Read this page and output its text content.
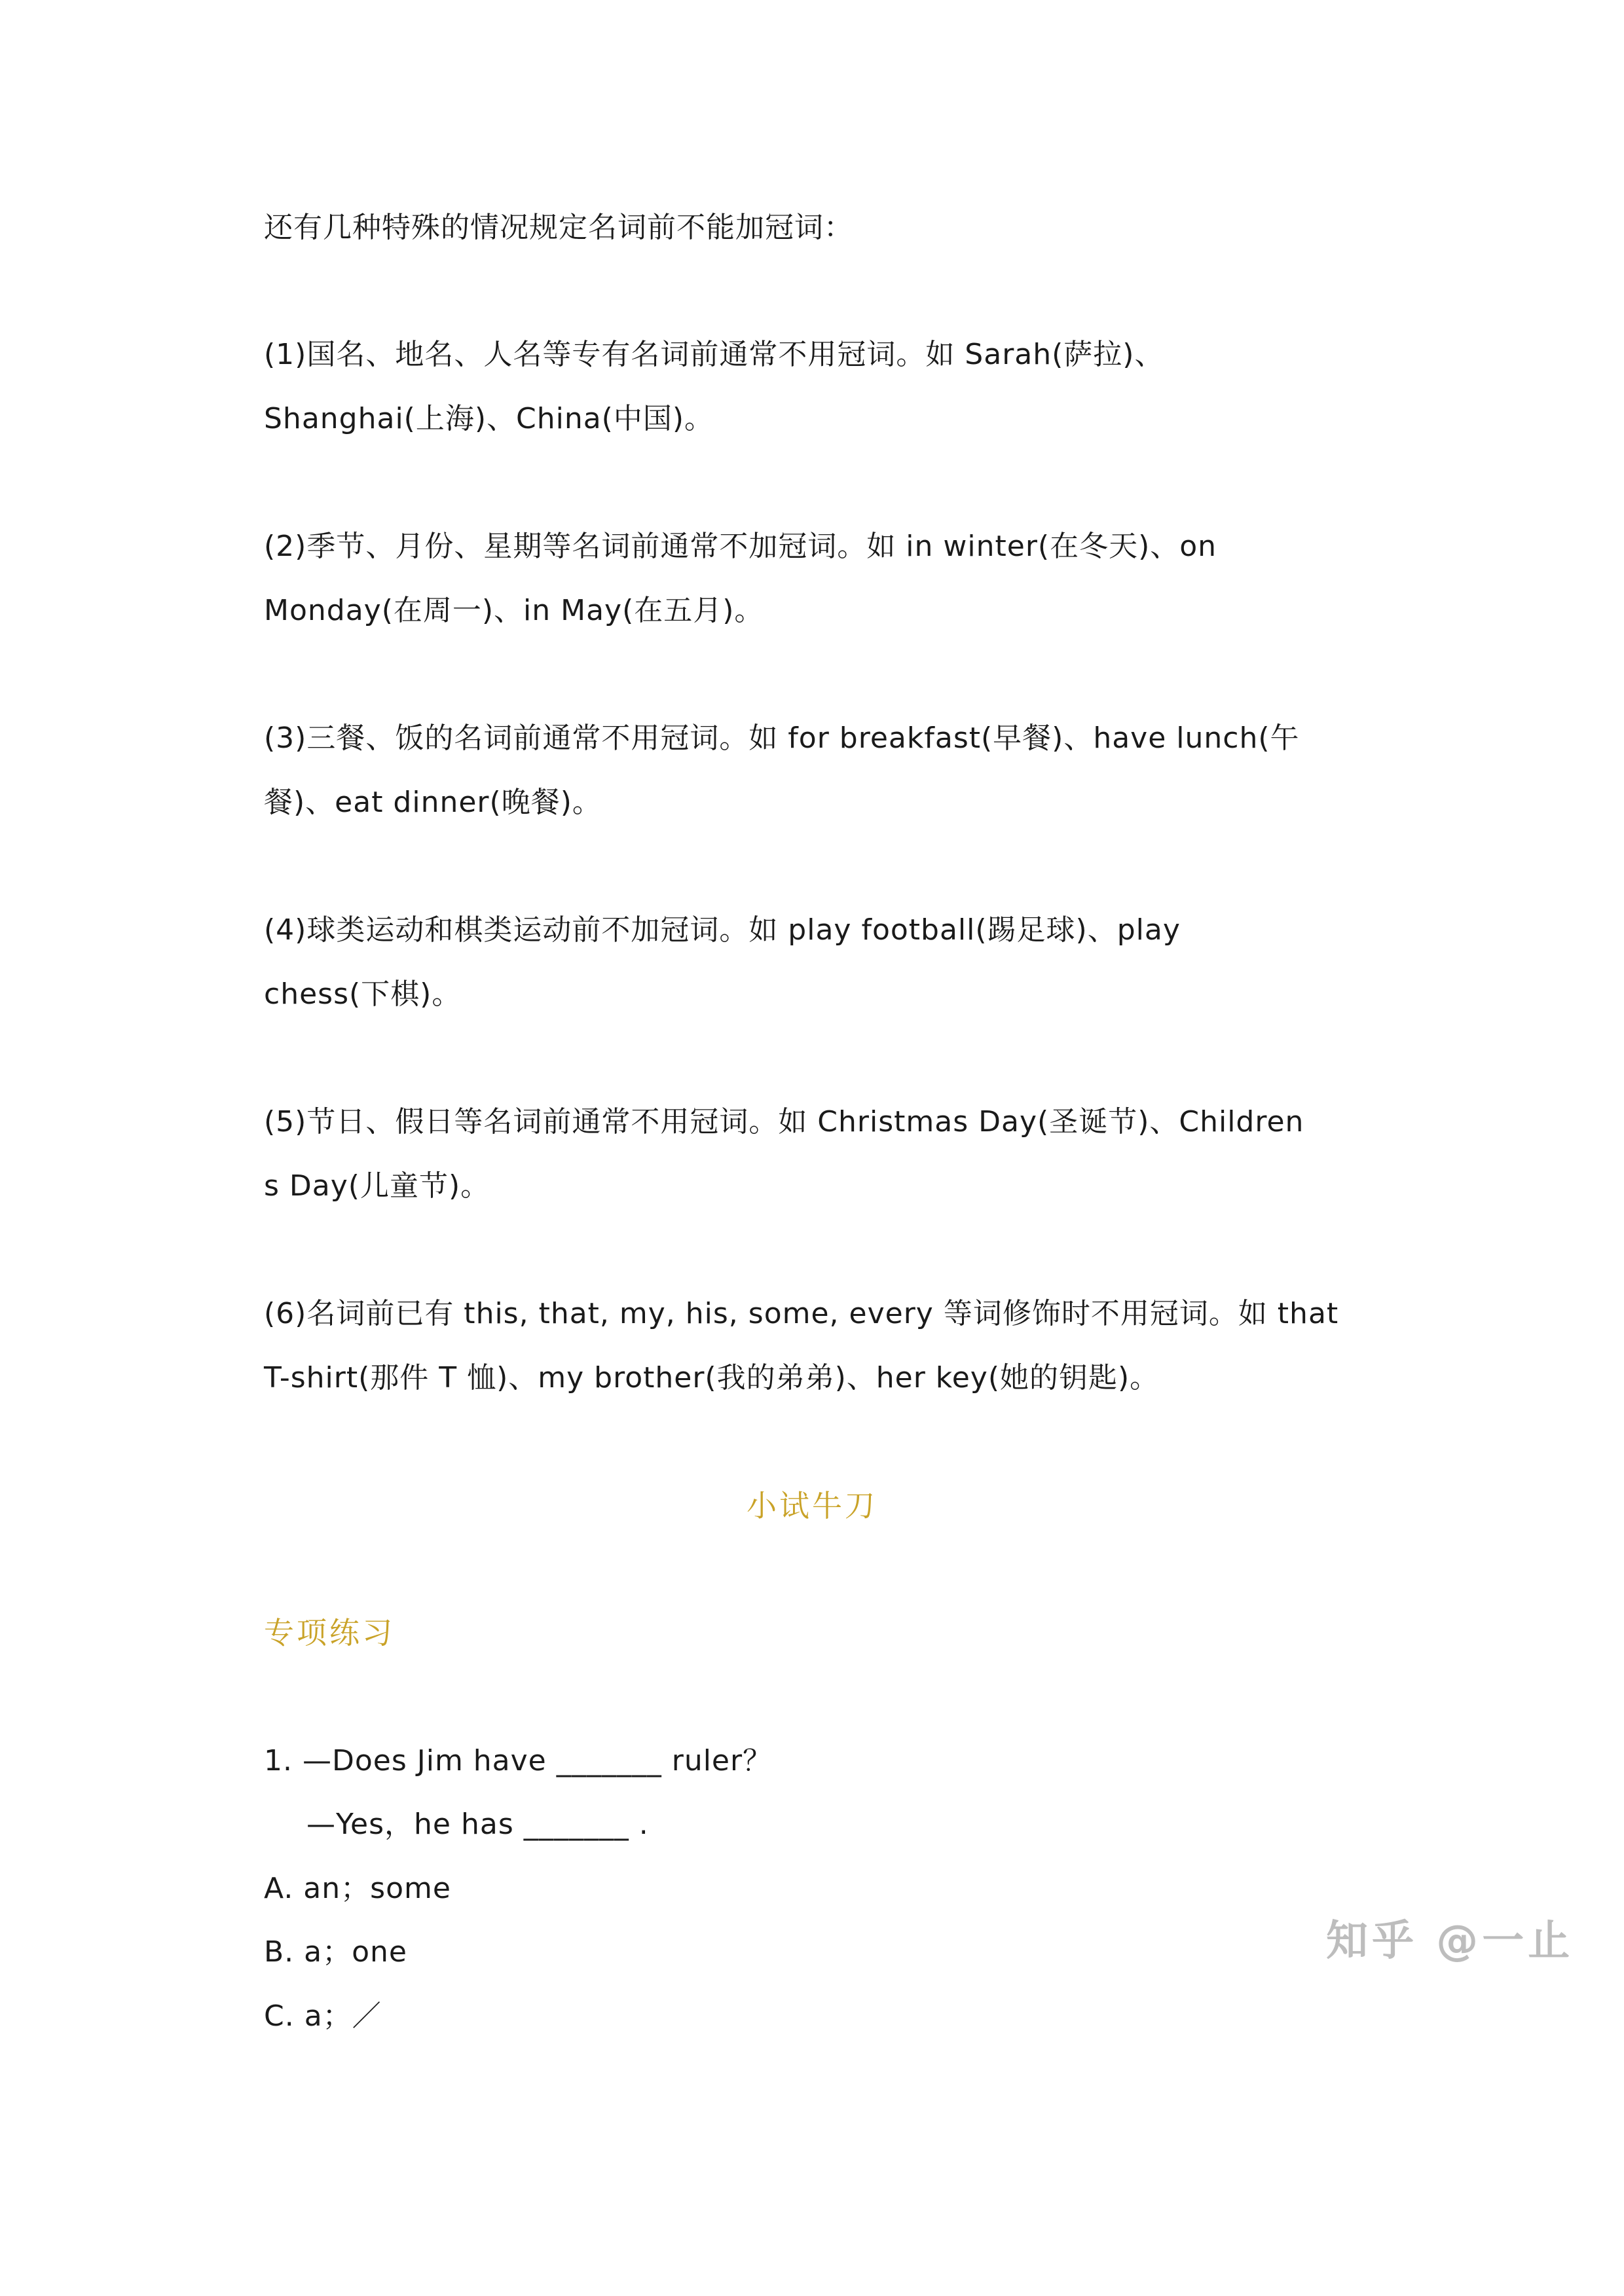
还有几种特殊的情况规定名词前不能加冠词：
(1)国名、地名、人名等专有名词前通常不用冠词。如 Sarah(萨拉)、
Shanghai(上海)、China(中国)。
(2)季节、月份、星期等名词前通常不加冠词。如 in winter(在冬天)、on
Monday(在周一)、in May(在五月)。
(3)三餐、饭的名词前通常不用冠词。如 for breakfast(早餐)、have lunch(午
餐)、eat dinner(晚餐)。
(4)球类运动和棋类运动前不加冠词。如 play football(踢足球)、play
chess(下棋)。
(5)节日、假日等名词前通常不用冠词。如 Christmas Day(圣诞节)、Children
s Day(儿童节)。
(6)名词前已有 this, that, my, his, some, every 等词修饰时不用冠词。如 that
T-shirt(那件 T 恤)、my brother(我的弟弟)、her key(她的钥匙)。
小试牛刀
专项练习
1. —Does Jim have _______ ruler？
—Yes，he has _______ .
A. an；some
B. a；one
C. a；／
知乎 @一止
